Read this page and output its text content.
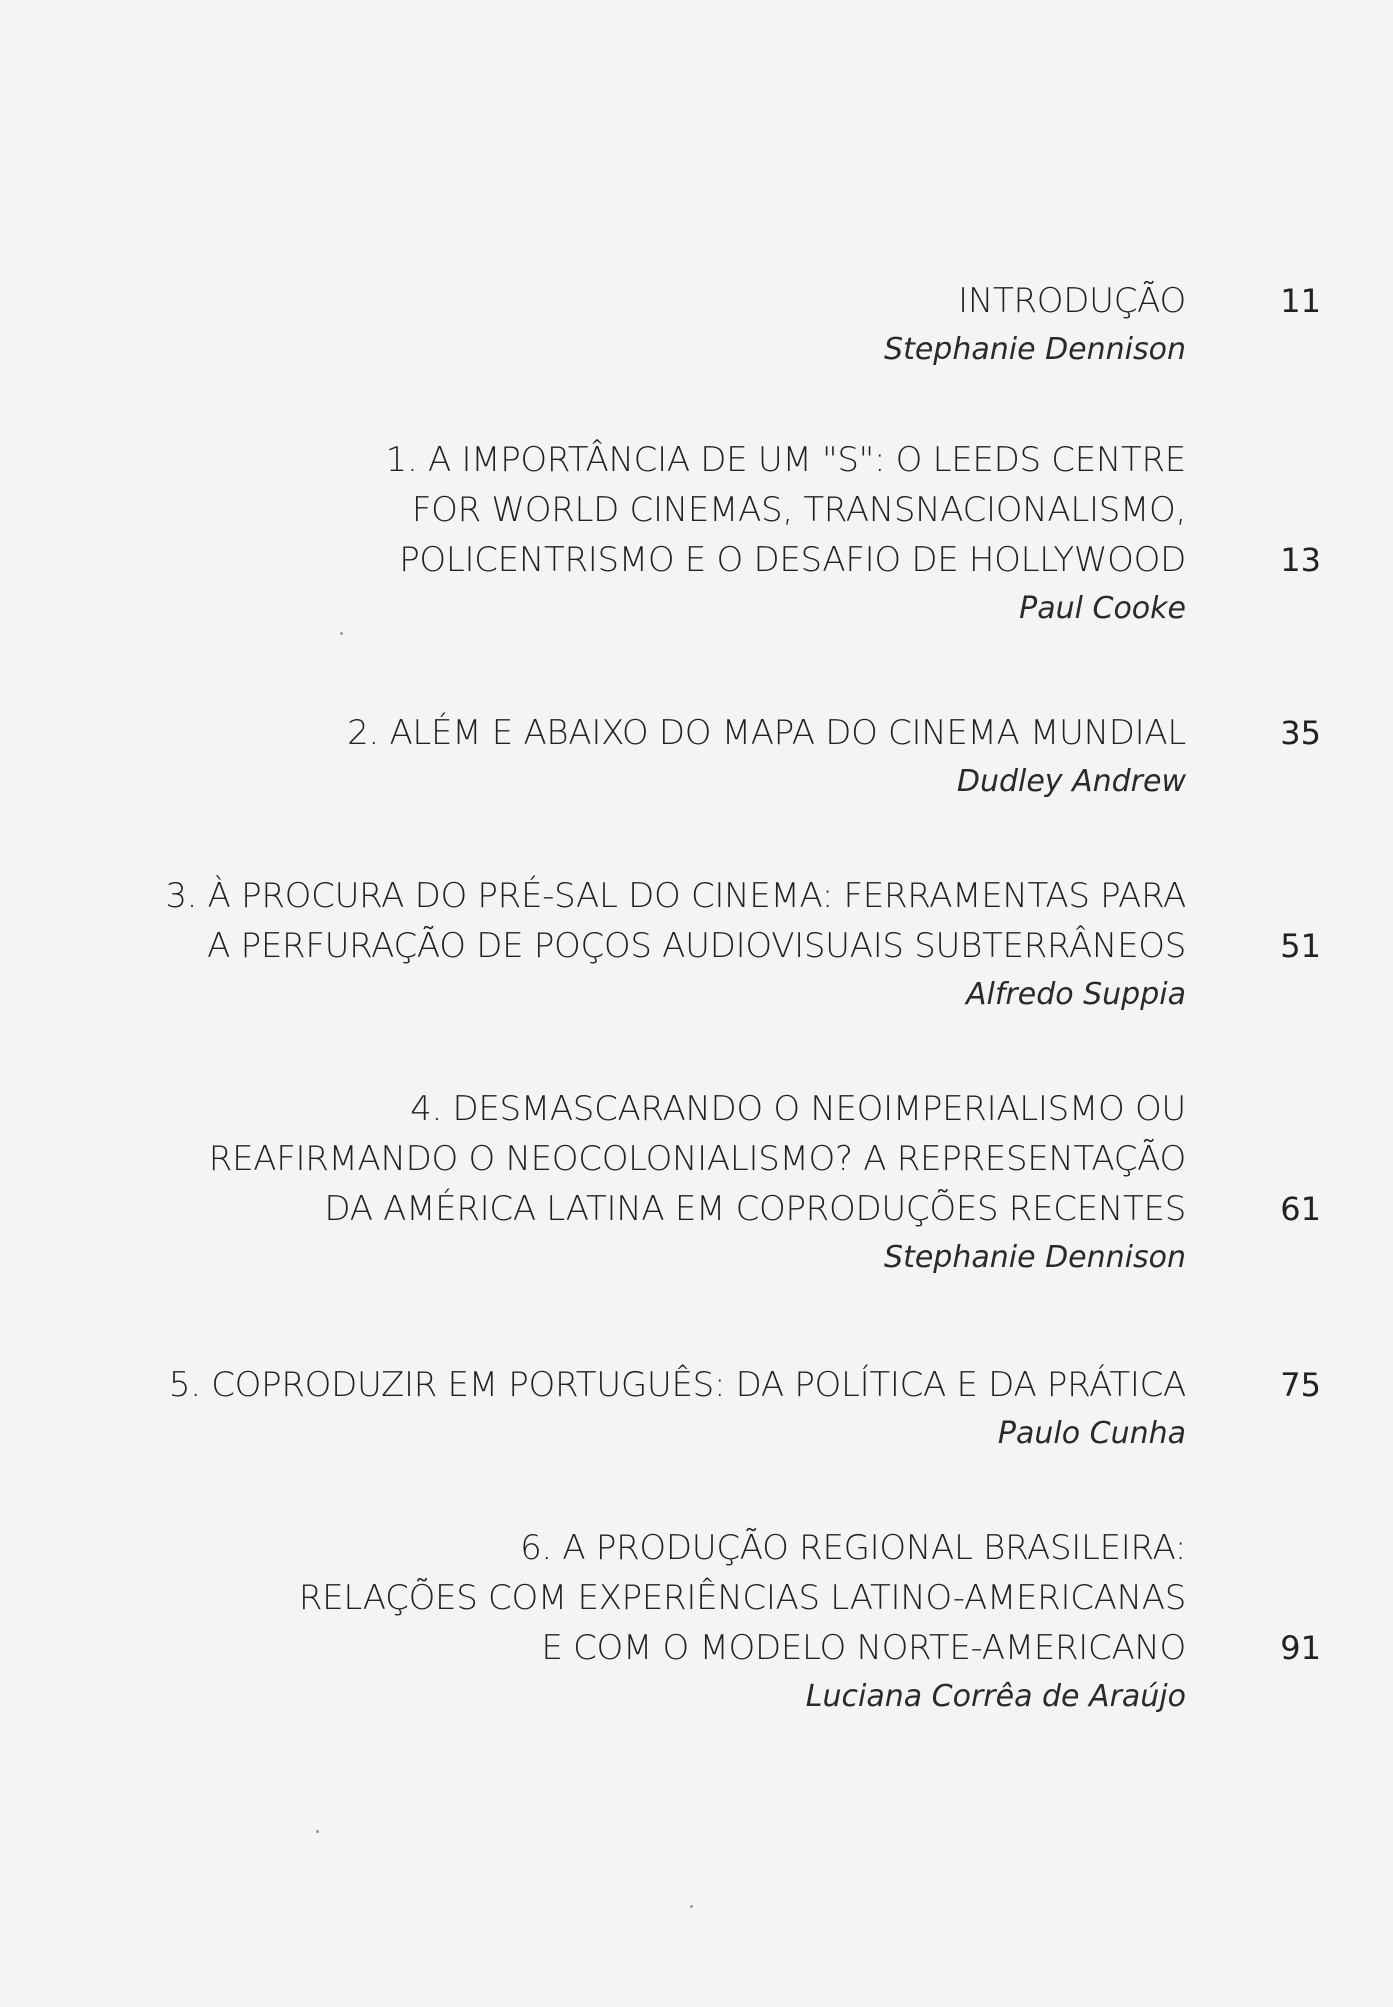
INTRODUÇÃO	11
Stephanie Dennison
1. A IMPORTÂNCIA DE UM "S": O LEEDS CENTRE
FOR WORLD CINEMAS, TRANSNACIONALISMO,
POLICENTRISMO E O DESAFIO DE HOLLYWOOD	13
Paul Cooke
2. ALÉM E ABAIXO DO MAPA DO CINEMA MUNDIAL	35
Dudley Andrew
3. À PROCURA DO PRÉ-SAL DO CINEMA: FERRAMENTAS PARA
A PERFURAÇÃO DE POÇOS AUDIOVISUAIS SUBTERRÂNEOS	51
Alfredo Suppia
4. DESMASCARANDO O NEOIMPERIALISMO OU
REAFIRMANDO O NEOCOLONIALISMO? A REPRESENTAÇÃO
DA AMÉRICA LATINA EM COPRODUÇÕES RECENTES	61
Stephanie Dennison
5. COPRODUZIR EM PORTUGUÊS: DA POLÍTICA E DA PRÁTICA	75
Paulo Cunha
6. A PRODUÇÃO REGIONAL BRASILEIRA:
RELAÇÕES COM EXPERIÊNCIAS LATINO-AMERICANAS
E COM O MODELO NORTE-AMERICANO	91
Luciana Corrêa de Araújo
